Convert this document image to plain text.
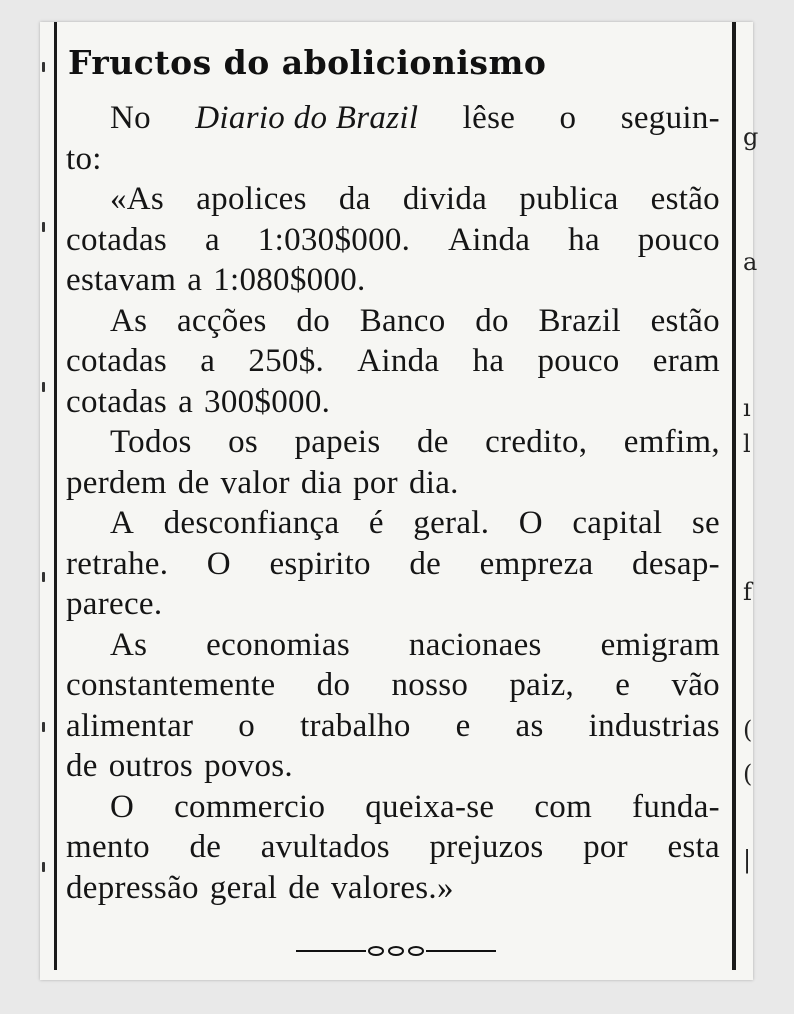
g
a
ı
l
f
(
(
|
Fructos do abolicionismo
No Diario do Brazil lêse o seguin-
to:
«As apolices da divida publica estão
cotadas a 1:030$000. Ainda ha pouco
estavam a 1:080$000.
As acções do Banco do Brazil estão
cotadas a 250$. Ainda ha pouco eram
cotadas a 300$000.
Todos os papeis de credito, emfim,
perdem de valor dia por dia.
A desconfiança é geral. O capital se
retrahe. O espirito de emprezа desap-
parece.
As economias nacionaes emigram
constantemente do nosso paiz, e vão
alimentar o trabalho e as industrias
de outros povos.
O commercio queixa-se com funda-
mento de avultados prejuzos por esta
depressão geral de valores.»
